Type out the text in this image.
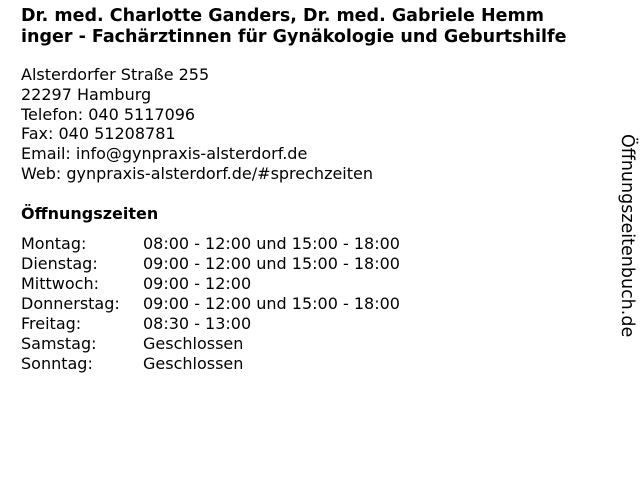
Dr. med. Charlotte Ganders, Dr. med. Gabriele Hemm
inger - Fachärztinnen für Gynäkologie und Geburtshilfe
Alsterdorfer Straße 255
22297 Hamburg
Telefon: 040 5117096
Fax: 040 51208781
Email: info@gynpraxis-alsterdorf.de
Web: gynpraxis-alsterdorf.de/#sprechzeiten
Öffnungszeiten
Montag:	08:00 - 12:00 und 15:00 - 18:00
Dienstag:	09:00 - 12:00 und 15:00 - 18:00
Mittwoch:	09:00 - 12:00
Donnerstag: 09:00 - 12:00 und 15:00 - 18:00
Freitag:	08:30 - 13:00
Samstag:	Geschlossen
Sonntag:	Geschlossen
Öffnungszeitenbuch.de
